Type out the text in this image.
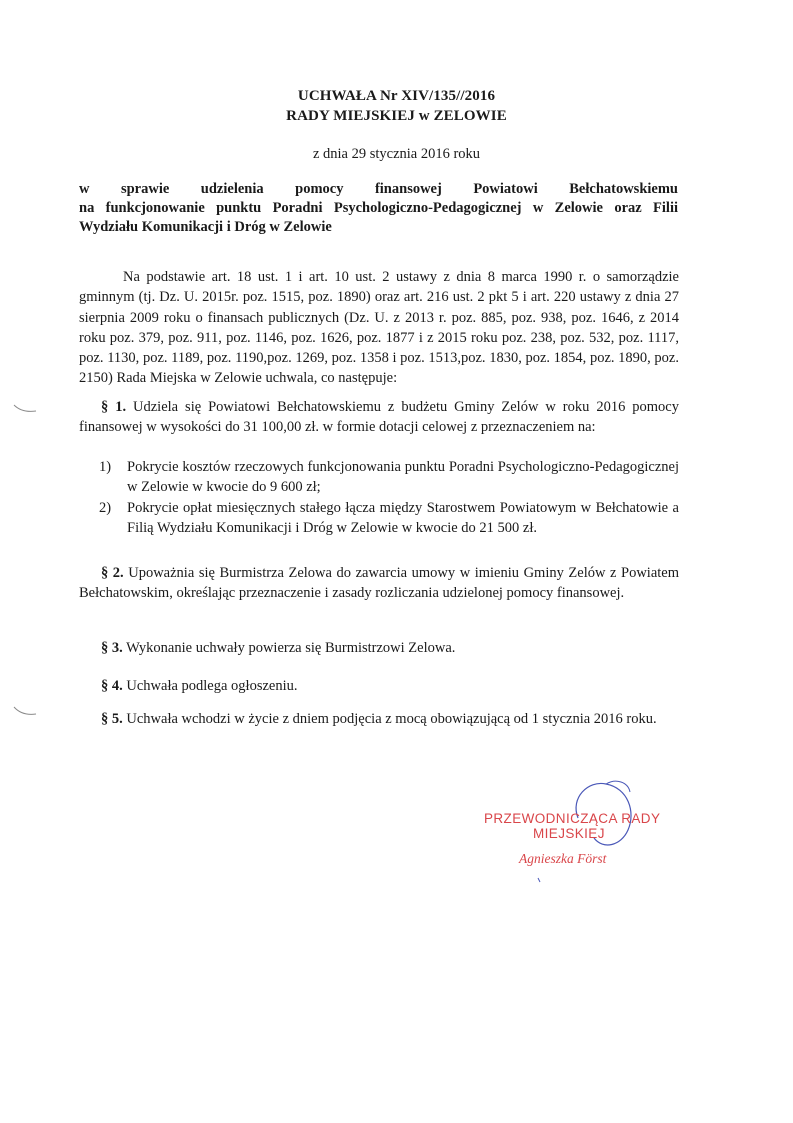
UCHWAŁA Nr XIV/135//2016
RADY MIEJSKIEJ w ZELOWIE
z dnia 29 stycznia 2016 roku
w sprawie udzielenia pomocy finansowej Powiatowi Bełchatowskiemu
na funkcjonowanie punktu Poradni Psychologiczno-Pedagogicznej w Zelowie oraz Filii Wydziału Komunikacji i Dróg w Zelowie
Na podstawie art. 18 ust. 1 i art. 10 ust. 2 ustawy z dnia 8 marca 1990 r. o samorządzie gminnym (tj. Dz. U. 2015r. poz. 1515, poz. 1890) oraz art. 216 ust. 2 pkt 5 i art. 220 ustawy z dnia 27 sierpnia 2009 roku o finansach publicznych (Dz. U. z 2013 r. poz. 885, poz. 938, poz. 1646, z 2014 roku poz. 379, poz. 911, poz. 1146, poz. 1626, poz. 1877 i z 2015 roku poz. 238, poz. 532, poz. 1117, poz. 1130, poz. 1189, poz. 1190,poz. 1269, poz. 1358 i poz. 1513,poz. 1830, poz. 1854, poz. 1890, poz. 2150) Rada Miejska w Zelowie uchwala, co następuje:
§ 1. Udziela się Powiatowi Bełchatowskiemu z budżetu Gminy Zelów w roku 2016 pomocy finansowej w wysokości do 31 100,00 zł. w formie dotacji celowej z przeznaczeniem na:
1) Pokrycie kosztów rzeczowych funkcjonowania punktu Poradni Psychologiczno-Pedagogicznej w Zelowie w kwocie do 9 600 zł;
2) Pokrycie opłat miesięcznych stałego łącza między Starostwem Powiatowym w Bełchatowie a Filią Wydziału Komunikacji i Dróg w Zelowie w kwocie do 21 500 zł.
§ 2. Upoważnia się Burmistrza Zelowa do zawarcia umowy w imieniu Gminy Zelów z Powiatem Bełchatowskim, określając przeznaczenie i zasady rozliczania udzielonej pomocy finansowej.
§ 3. Wykonanie uchwały powierza się Burmistrzowi Zelowa.
§ 4. Uchwała podlega ogłoszeniu.
§ 5. Uchwała wchodzi w życie z dniem podjęcia z mocą obowiązującą od 1 stycznia 2016 roku.
PRZEWODNICZĄCA RADY
MIEJSKIEJ
Agnieszka Först
